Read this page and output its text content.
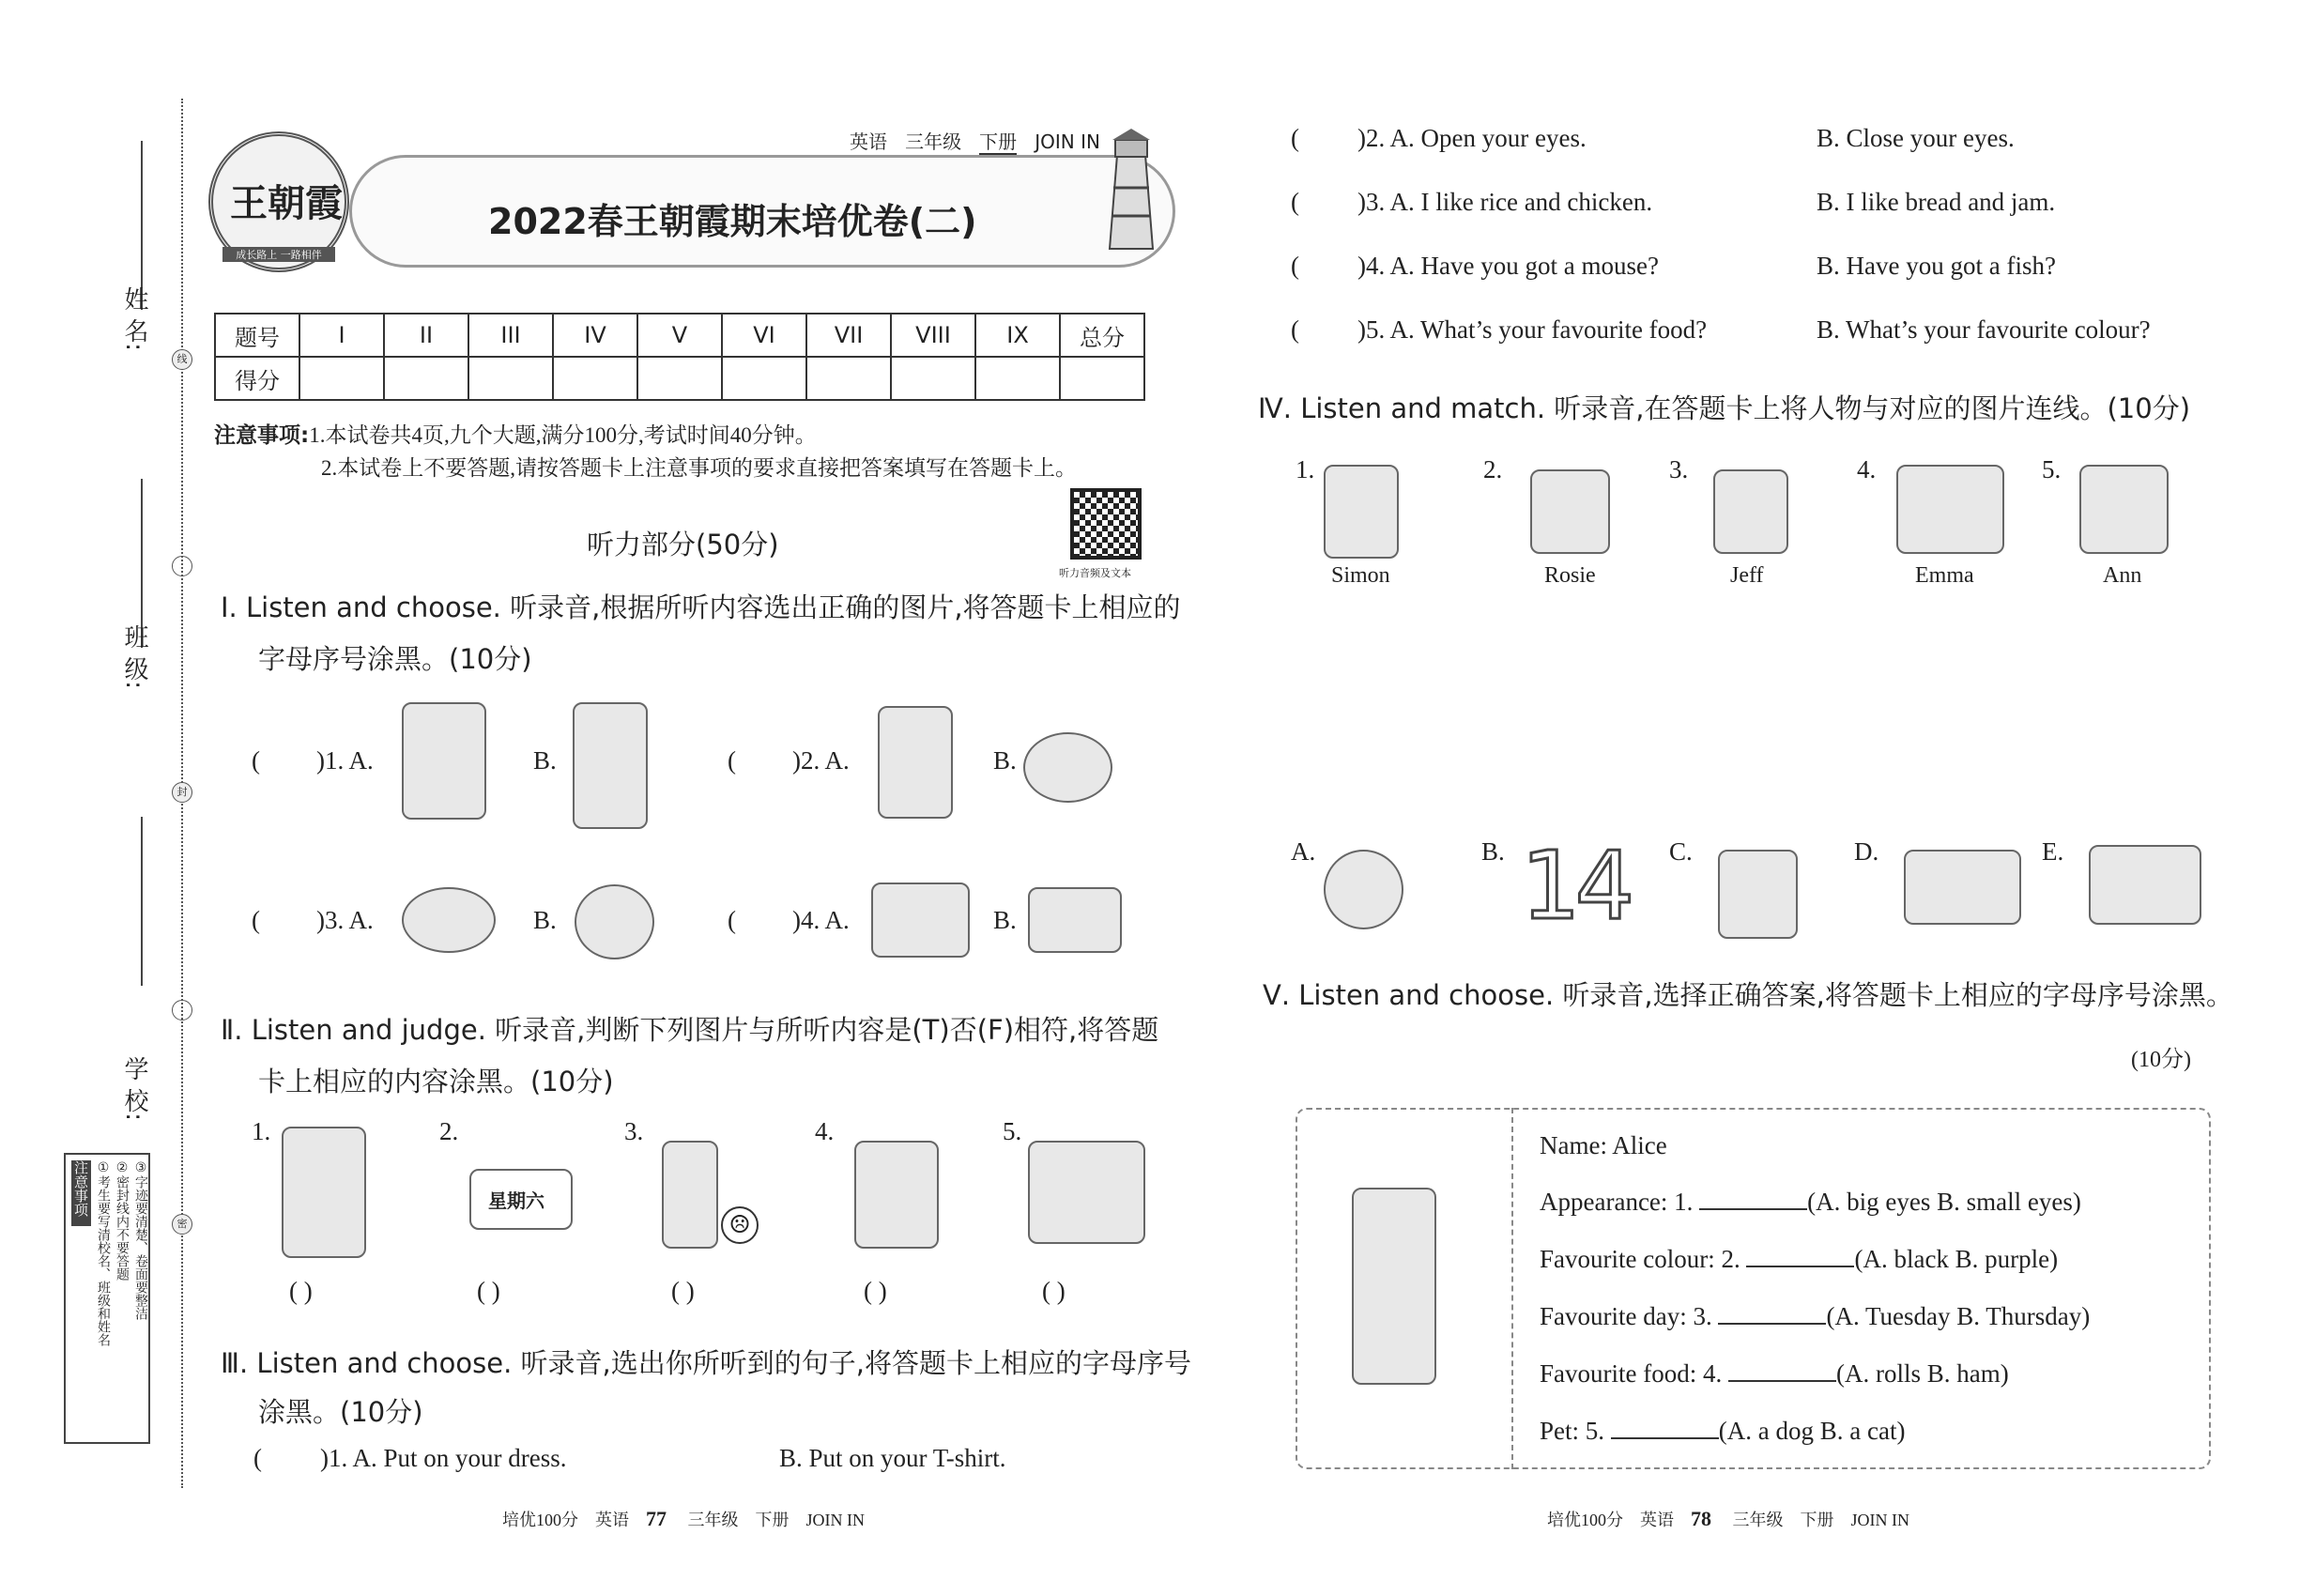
姓 名:
班 级:
学 校:
线
封
密
注意事项 ①考生要写清校名、班级和姓名 ②密封线内不要答题 ③字迹要清楚、卷面要整洁
王朝霞
成长路上 一路相伴
英语 三年级 下册 JOIN IN
2022春王朝霞期末培优卷(二)
题号	I	II	III	IV	V	VI	VII	VIII	IX	总分
得分										
注意事项:1.本试卷共4页,九个大题,满分100分,考试时间40分钟。
2.本试卷上不要答题,请按答题卡上注意事项的要求直接把答案填写在答题卡上。
听力音频及文本
听力部分(50分)
Ⅰ. Listen and choose. 听录音,根据所听内容选出正确的图片,将答题卡上相应的
字母序号涂黑。(10分)
( )1. A.	B.	( )2. A.	B.
( )3. A.	B.	( )4. A.	B.
Ⅱ. Listen and judge. 听录音,判断下列图片与所听内容是(T)否(F)相符,将答题
卡上相应的内容涂黑。(10分)
1.
( )
2.
星期六
( )
3.
☹
( )
4.
( )
5.
( )
Ⅲ. Listen and choose. 听录音,选出你所听到的句子,将答题卡上相应的字母序号
涂黑。(10分)
( )1. A. Put on your dress.	B. Put on your T-shirt.
培优100分 英语 77 三年级 下册 JOIN IN
( )2. A. Open your eyes.	B. Close your eyes.
( )3. A. I like rice and chicken.	B. I like bread and jam.
( )4. A. Have you got a mouse?	B. Have you got a fish?
( )5. A. What’s your favourite food?	B. What’s your favourite colour?
Ⅳ. Listen and match. 听录音,在答题卡上将人物与对应的图片连线。(10分)
1.
Simon
2.
Rosie
3.
Jeff
4.
Emma
5.
Ann
A.	B. 14 C.	D.	E.
Ⅴ. Listen and choose. 听录音,选择正确答案,将答题卡上相应的字母序号涂黑。
(10分)
Name: Alice
Appearance: 1.	(A. big eyes B. small eyes)
Favourite colour: 2.	(A. black B. purple)
Favourite day: 3.	(A. Tuesday B. Thursday)
Favourite food: 4.	(A. rolls B. ham)
Pet: 5.	(A. a dog B. a cat)
培优100分 英语 78 三年级 下册 JOIN IN
